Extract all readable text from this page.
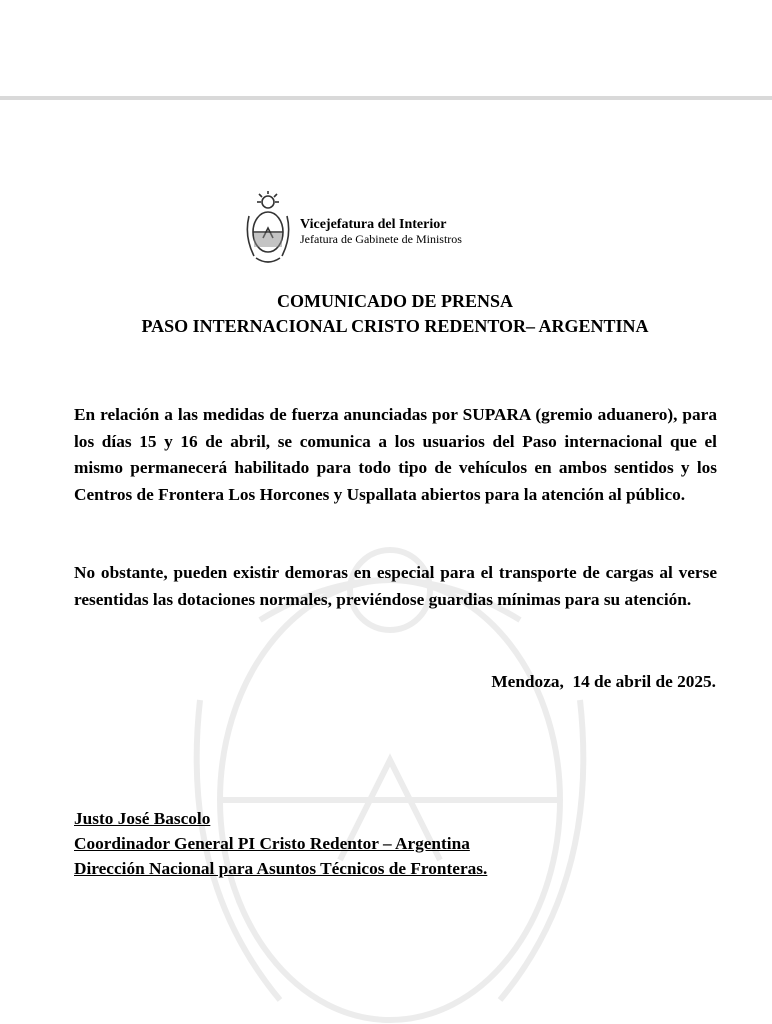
Vicejefatura del Interior
Jefatura de Gabinete de Ministros
COMUNICADO DE PRENSA
PASO INTERNACIONAL CRISTO REDENTOR– ARGENTINA

En relación a las medidas de fuerza anunciadas por SUPARA (gremio aduanero), para los días 15 y 16 de abril, se comunica a los usuarios del Paso internacional que el mismo permanecerá habilitado para todo tipo de vehículos en ambos sentidos y los Centros de Frontera Los Horcones y Uspallata abiertos para la atención al público.

No obstante, pueden existir demoras en especial para el transporte de cargas al verse resentidas las dotaciones normales, previéndose guardias mínimas para su atención.

Mendoza,  14 de abril de 2025.
Justo José Bascolo
Coordinador General PI Cristo Redentor – Argentina
Dirección Nacional para Asuntos Técnicos de Fronteras.
